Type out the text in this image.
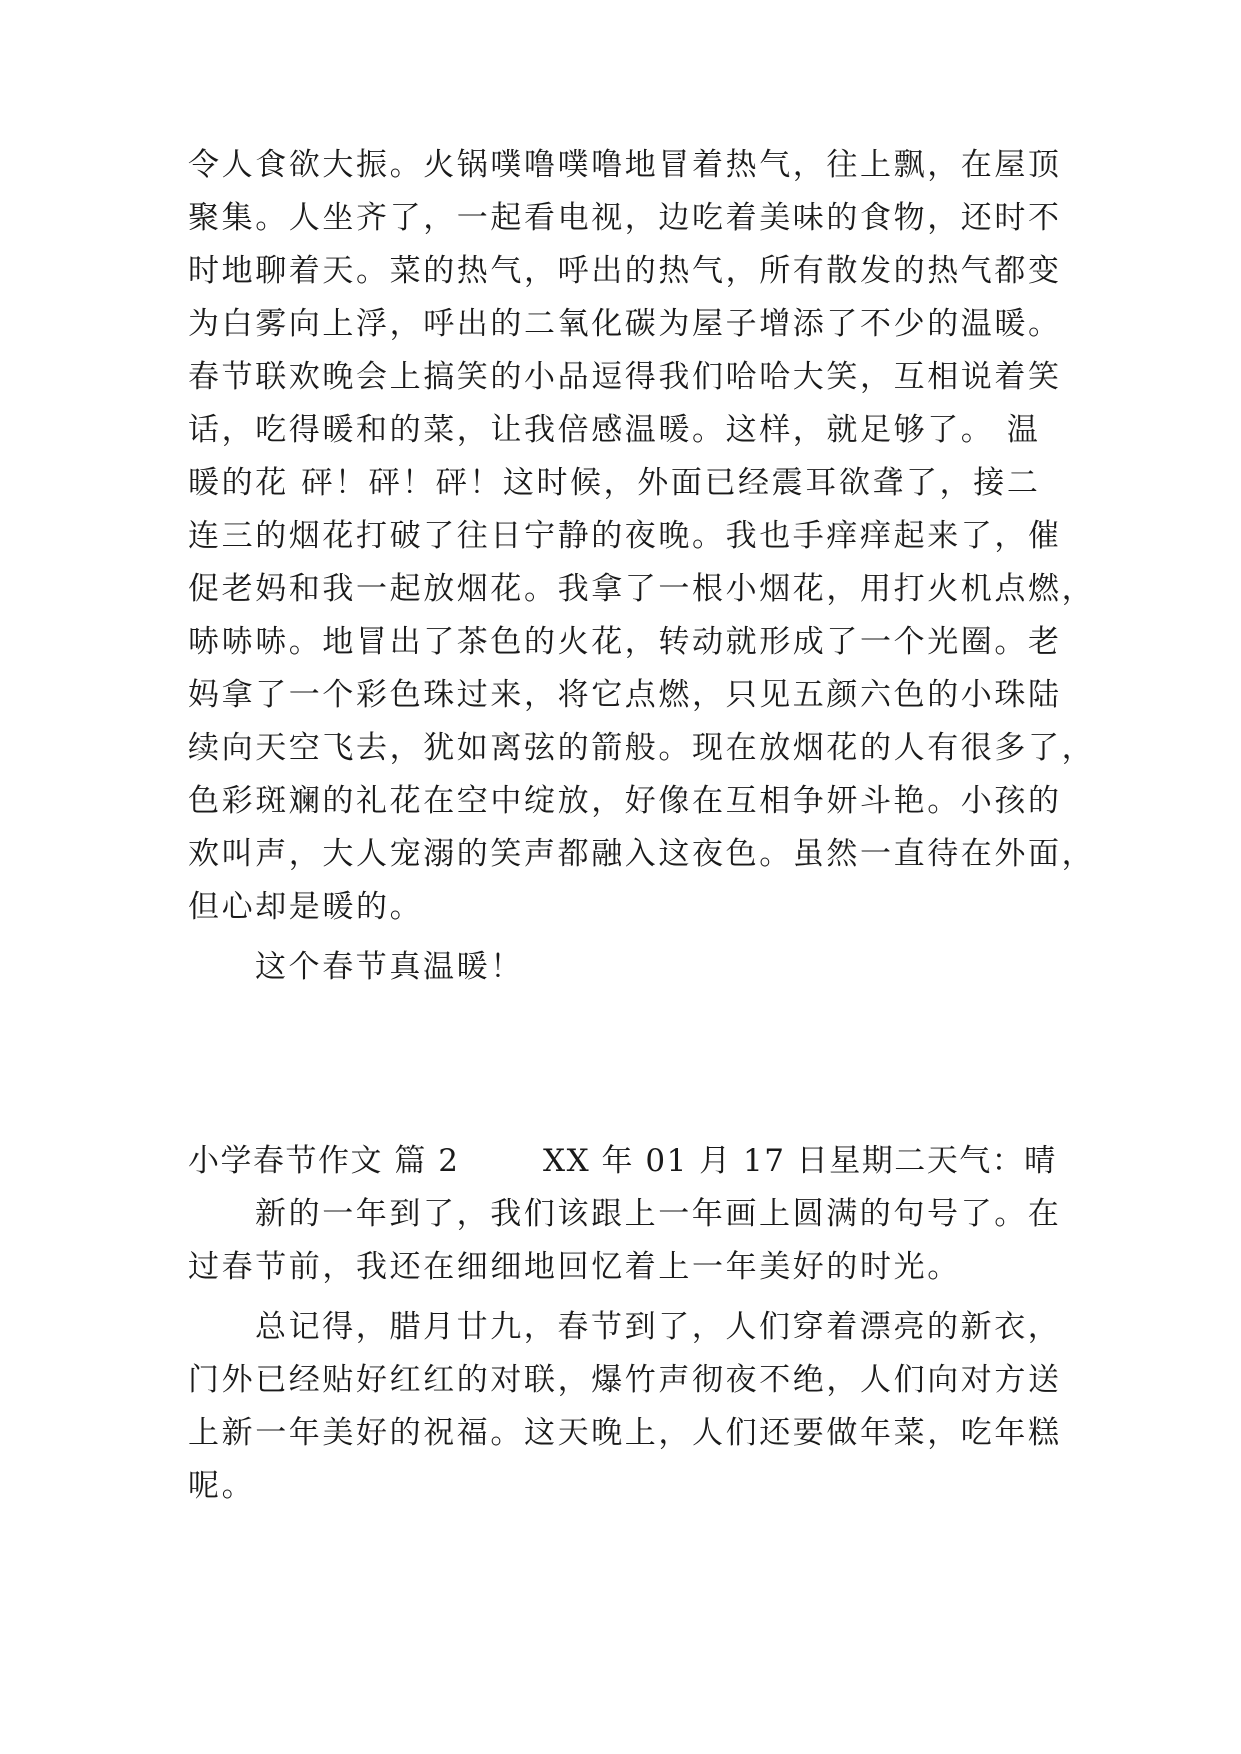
令人食欲大振。火锅噗噜噗噜地冒着热气，往上飘，在屋顶
聚集。人坐齐了，一起看电视，边吃着美味的食物，还时不
时地聊着天。菜的热气，呼出的热气，所有散发的热气都变
为白雾向上浮，呼出的二氧化碳为屋子增添了不少的温暖。
春节联欢晚会上搞笑的小品逗得我们哈哈大笑，互相说着笑
话，吃得暖和的菜，让我倍感温暖。这样，就足够了。 温
暖的花 砰！砰！砰！这时候，外面已经震耳欲聋了，接二
连三的烟花打破了往日宁静的夜晚。我也手痒痒起来了，催
促老妈和我一起放烟花。我拿了一根小烟花，用打火机点燃，
哧哧哧。地冒出了茶色的火花，转动就形成了一个光圈。老
妈拿了一个彩色珠过来，将它点燃，只见五颜六色的小珠陆
续向天空飞去，犹如离弦的箭般。现在放烟花的人有很多了，
色彩斑斓的礼花在空中绽放，好像在互相争妍斗艳。小孩的
欢叫声，大人宠溺的笑声都融入这夜色。虽然一直待在外面，
但心却是暖的。
这个春节真温暖！
小学春节作文 篇 2	XX 年 01 月 17 日星期二天气：晴
新的一年到了，我们该跟上一年画上圆满的句号了。在
过春节前，我还在细细地回忆着上一年美好的时光。
总记得，腊月廿九，春节到了，人们穿着漂亮的新衣，
门外已经贴好红红的对联，爆竹声彻夜不绝，人们向对方送
上新一年美好的祝福。这天晚上，人们还要做年菜，吃年糕
呢。
